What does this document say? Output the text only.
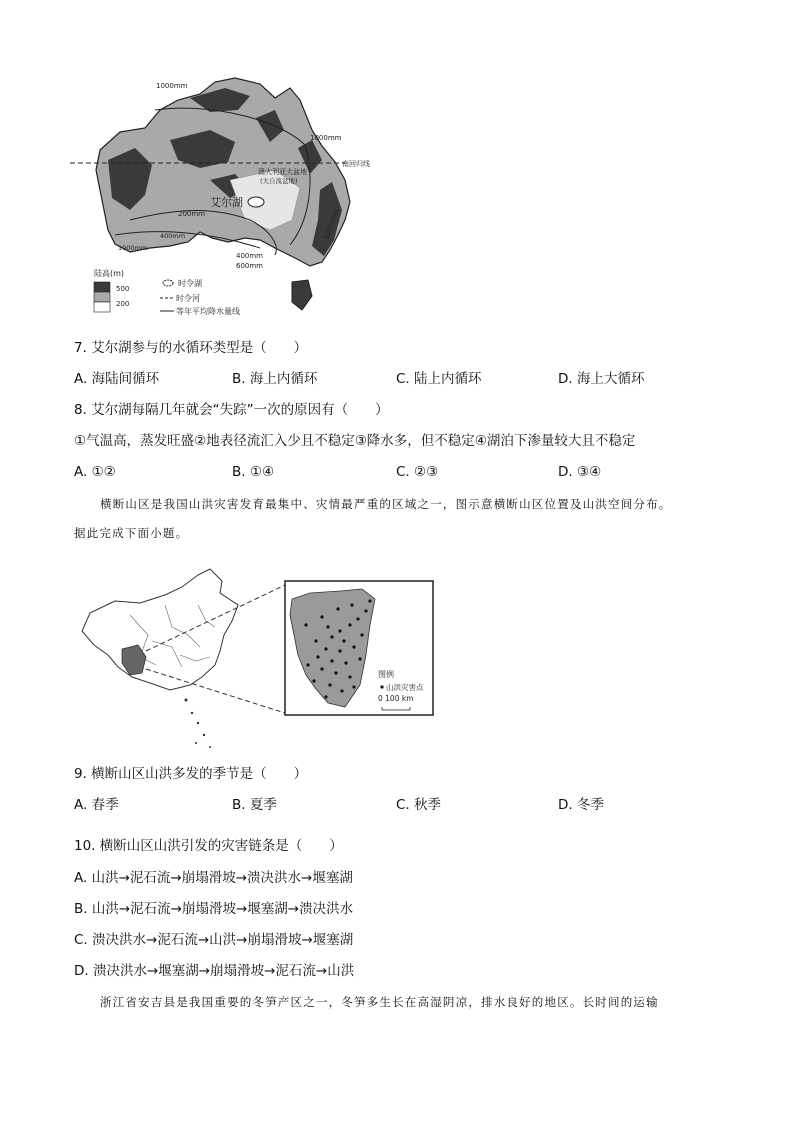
1000mm
1000mm
南回归线
澳大利亚大盆地
(大自流盆地)
艾尔湖
200mm
400mm
1000mm
400mm
600mm
1000mm
陆高(m)
500
200
时令湖
时令河
等年平均降水量线
7. 艾尔湖参与的水循环类型是（　　）
A. 海陆间循环	B. 海上内循环	C. 陆上内循环	D. 海上大循环
8. 艾尔湖每隔几年就会“失踪”一次的原因有（　　）
①气温高，蒸发旺盛②地表径流汇入少且不稳定③降水多，但不稳定④湖泊下渗量较大且不稳定
A. ①②	B. ①④	C. ②③	D. ③④
横断山区是我国山洪灾害发育最集中、灾情最严重的区域之一，图示意横断山区位置及山洪空间分布。
据此完成下面小题。
图例
山洪灾害点
0 100 km
9. 横断山区山洪多发的季节是（　　）
A. 春季	B. 夏季	C. 秋季	D. 冬季
10. 横断山区山洪引发的灾害链条是（　　）
A. 山洪→泥石流→崩塌滑坡→溃决洪水→堰塞湖
B. 山洪→泥石流→崩塌滑坡→堰塞湖→溃决洪水
C. 溃决洪水→泥石流→山洪→崩塌滑坡→堰塞湖
D. 溃决洪水→堰塞湖→崩塌滑坡→泥石流→山洪
浙江省安吉县是我国重要的冬笋产区之一，冬笋多生长在高湿阴凉，排水良好的地区。长时间的运输
